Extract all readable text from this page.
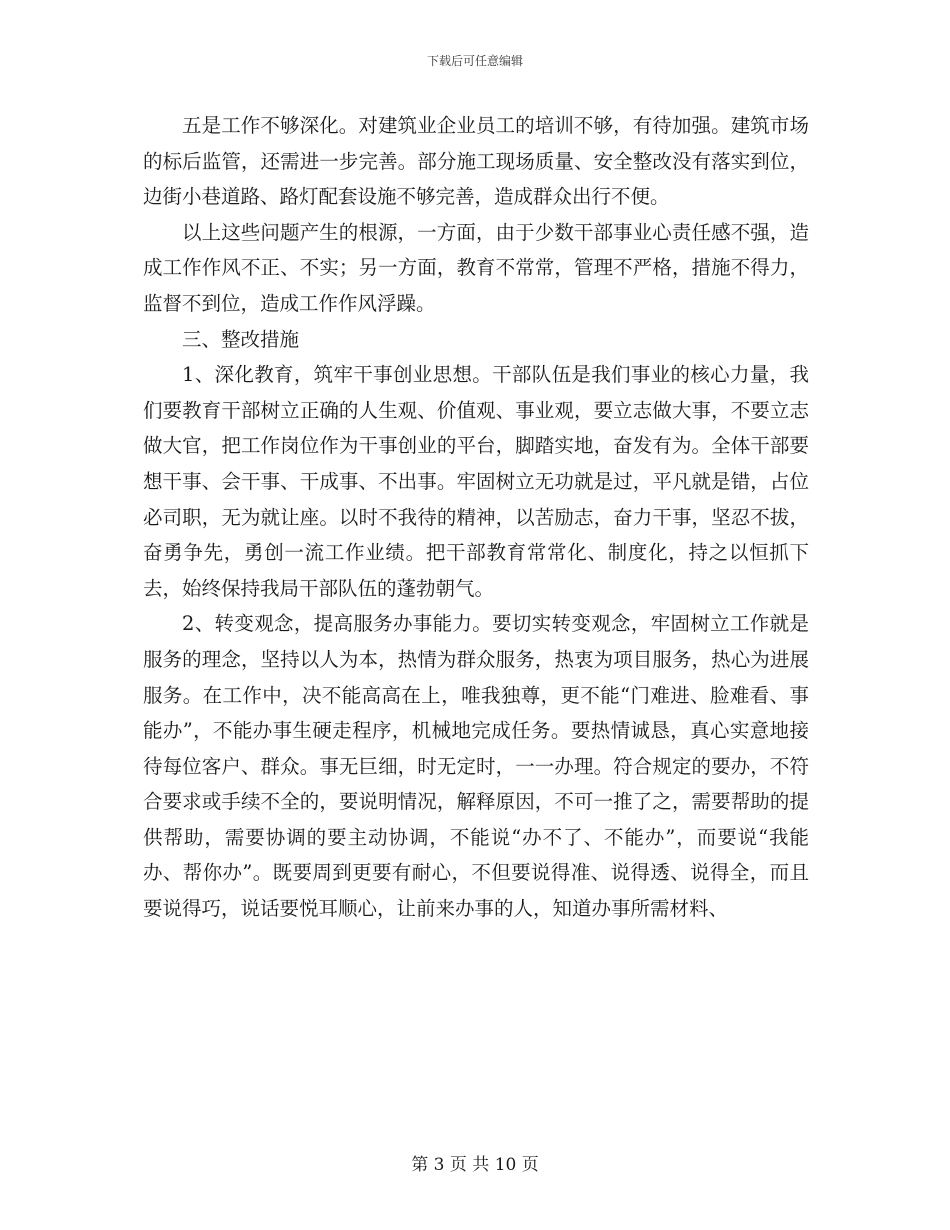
下载后可任意编辑

五是工作不够深化。对建筑业企业员工的培训不够，有待加强。建筑市场的标后监管，还需进一步完善。部分施工现场质量、安全整改没有落实到位，边街小巷道路、路灯配套设施不够完善，造成群众出行不便。

以上这些问题产生的根源，一方面，由于少数干部事业心责任感不强，造成工作作风不正、不实；另一方面，教育不常常，管理不严格，措施不得力，监督不到位，造成工作作风浮躁。

三、整改措施

1、深化教育，筑牢干事创业思想。干部队伍是我们事业的核心力量，我们要教育干部树立正确的人生观、价值观、事业观，要立志做大事，不要立志做大官，把工作岗位作为干事创业的平台，脚踏实地，奋发有为。全体干部要想干事、会干事、干成事、不出事。牢固树立无功就是过，平凡就是错，占位必司职，无为就让座。以时不我待的精神，以苦励志，奋力干事，坚忍不拔，奋勇争先，勇创一流工作业绩。把干部教育常常化、制度化，持之以恒抓下去，始终保持我局干部队伍的蓬勃朝气。

2、转变观念，提高服务办事能力。要切实转变观念，牢固树立工作就是服务的理念，坚持以人为本，热情为群众服务，热衷为项目服务，热心为进展服务。在工作中，决不能高高在上，唯我独尊，更不能“门难进、脸难看、事能办”，不能办事生硬走程序，机械地完成任务。要热情诚恳，真心实意地接待每位客户、群众。事无巨细，时无定时，一一办理。符合规定的要办，不符合要求或手续不全的，要说明情况，解释原因，不可一推了之，需要帮助的提供帮助，需要协调的要主动协调，不能说“办不了、不能办”，而要说“我能办、帮你办”。既要周到更要有耐心，不但要说得准、说得透、说得全，而且要说得巧，说话要悦耳顺心，让前来办事的人，知道办事所需材料、

第 3 页 共 10 页
